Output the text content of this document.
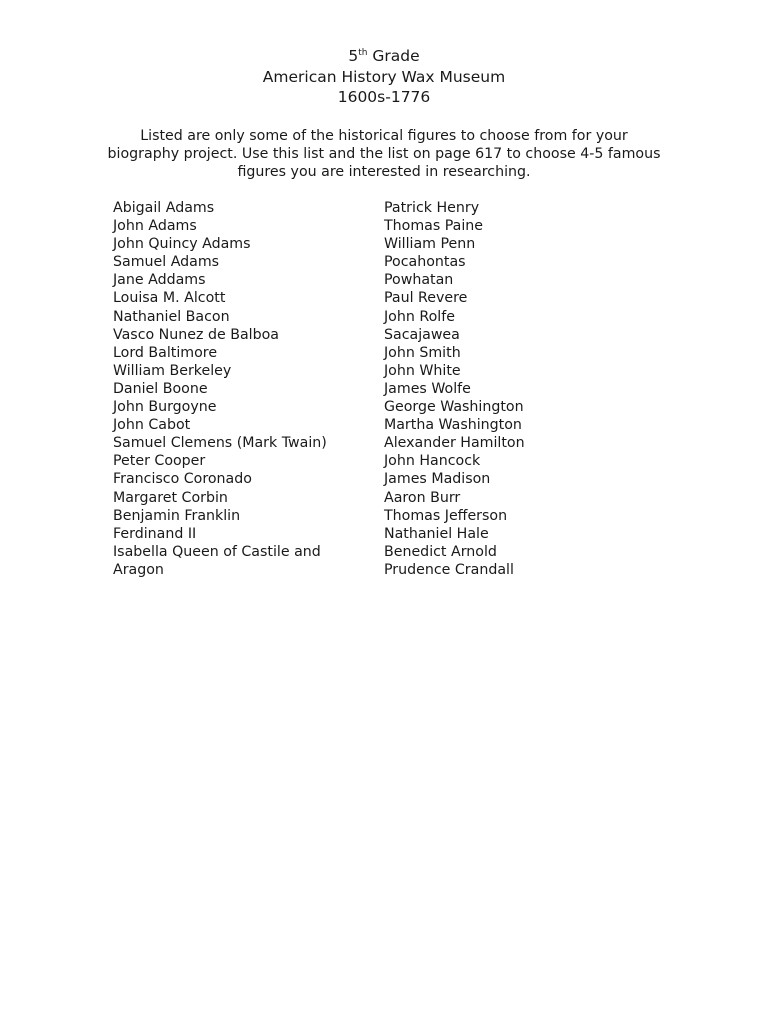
5th Grade
American History Wax Museum
1600s-1776

Listed are only some of the historical figures to choose from for your biography project. Use this list and the list on page 617 to choose 4-5 famous figures you are interested in researching.

Abigail Adams
John Adams
John Quincy Adams
Samuel Adams
Jane Addams
Louisa M. Alcott
Nathaniel Bacon
Vasco Nunez de Balboa
Lord Baltimore
William Berkeley
Daniel Boone
John Burgoyne
John Cabot
Samuel Clemens (Mark Twain)
Peter Cooper
Francisco Coronado
Margaret Corbin
Benjamin Franklin
Ferdinand II
Isabella Queen of Castile and Aragon
Patrick Henry
Thomas Paine
William Penn
Pocahontas
Powhatan
Paul Revere
John Rolfe
Sacajawea
John Smith
John White
James Wolfe
George Washington
Martha Washington
Alexander Hamilton
John Hancock
James Madison
Aaron Burr
Thomas Jefferson
Nathaniel Hale
Benedict Arnold
Prudence Crandall
